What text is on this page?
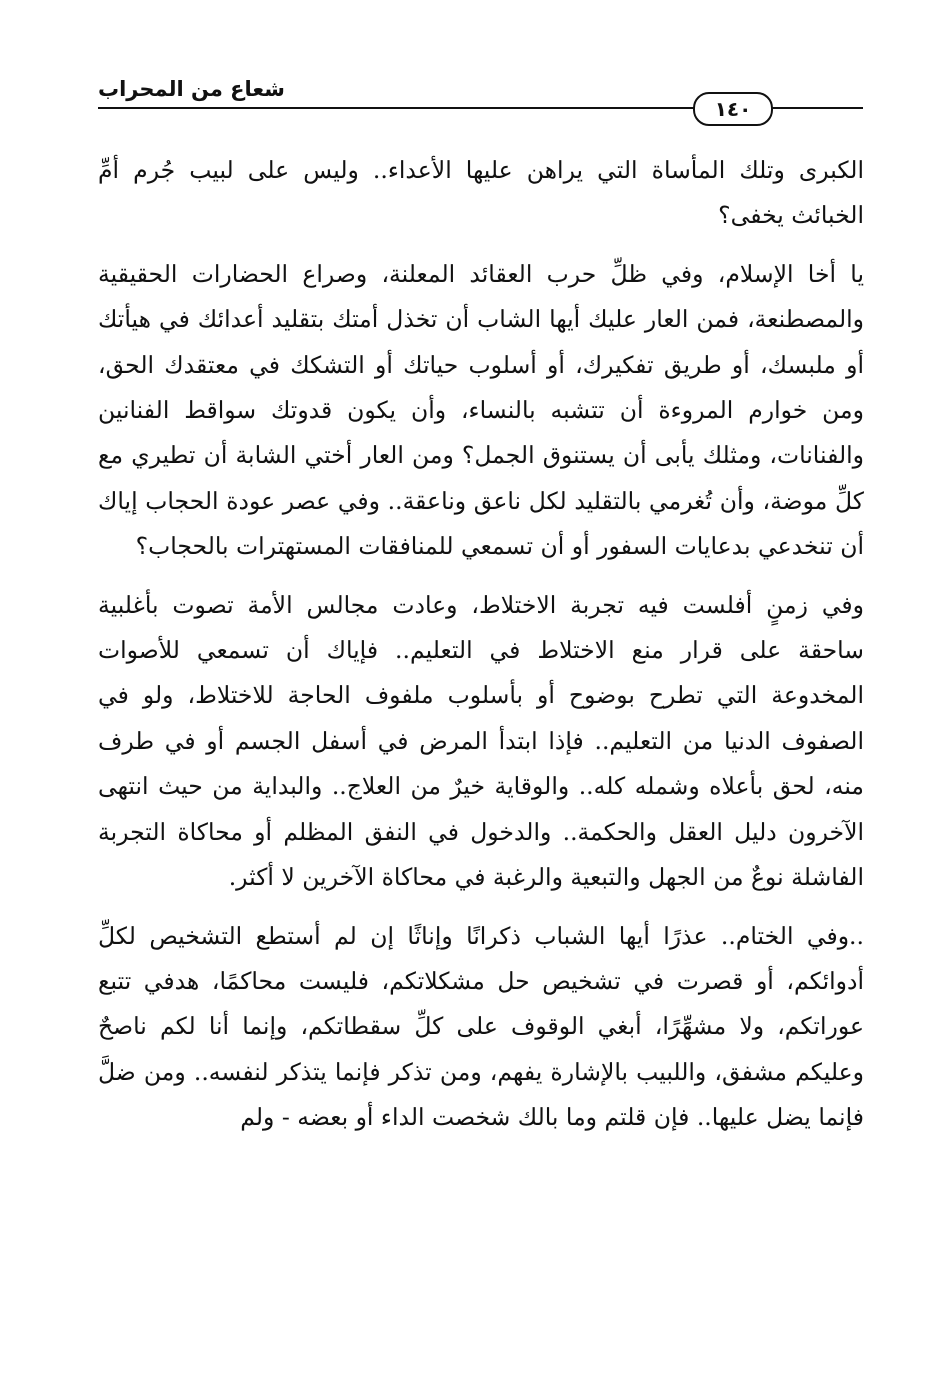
شعاع من المحراب
١٤٠

الكبرى وتلك المأساة التي يراهن عليها الأعداء.. وليس على لبيب جُرم أمِّ الخبائث يخفى؟

يا أخا الإسلام، وفي ظلِّ حرب العقائد المعلنة، وصراع الحضارات الحقيقية والمصطنعة، فمن العار عليك أيها الشاب أن تخذل أمتك بتقليد أعدائك في هيأتك أو ملبسك، أو طريق تفكيرك، أو أسلوب حياتك أو التشكك في معتقدك الحق، ومن خوارم المروءة أن تتشبه بالنساء، وأن يكون قدوتك سواقط الفنانين والفنانات، ومثلك يأبى أن يستنوق الجمل؟ ومن العار أختي الشابة أن تطيري مع كلِّ موضة، وأن تُغرمي بالتقليد لكل ناعق وناعقة.. وفي عصر عودة الحجاب إياك أن تنخدعي بدعايات السفور أو أن تسمعي للمنافقات المستهترات بالحجاب؟

وفي زمنٍ أفلست فيه تجربة الاختلاط، وعادت مجالس الأمة تصوت بأغلبية ساحقة على قرار منع الاختلاط في التعليم.. فإياك أن تسمعي للأصوات المخدوعة التي تطرح بوضوح أو بأسلوب ملفوف الحاجة للاختلاط، ولو في الصفوف الدنيا من التعليم.. فإذا ابتدأ المرض في أسفل الجسم أو في طرف منه، لحق بأعلاه وشمله كله.. والوقاية خيرٌ من العلاج.. والبداية من حيث انتهى الآخرون دليل العقل والحكمة.. والدخول في النفق المظلم أو محاكاة التجربة الفاشلة نوعٌ من الجهل والتبعية والرغبة في محاكاة الآخرين لا أكثر.

..وفي الختام.. عذرًا أيها الشباب ذكرانًا وإناثًا إن لم أستطع التشخيص لكلِّ أدوائكم، أو قصرت في تشخيص حل مشكلاتكم، فليست محاكمًا، هدفي تتبع عوراتكم، ولا مشهِّرًا، أبغي الوقوف على كلِّ سقطاتكم، وإنما أنا لكم ناصحٌ وعليكم مشفق، واللبيب بالإشارة يفهم، ومن تذكر فإنما يتذكر لنفسه.. ومن ضلَّ فإنما يضل عليها.. فإن قلتم وما بالك شخصت الداء أو بعضه - ولم
